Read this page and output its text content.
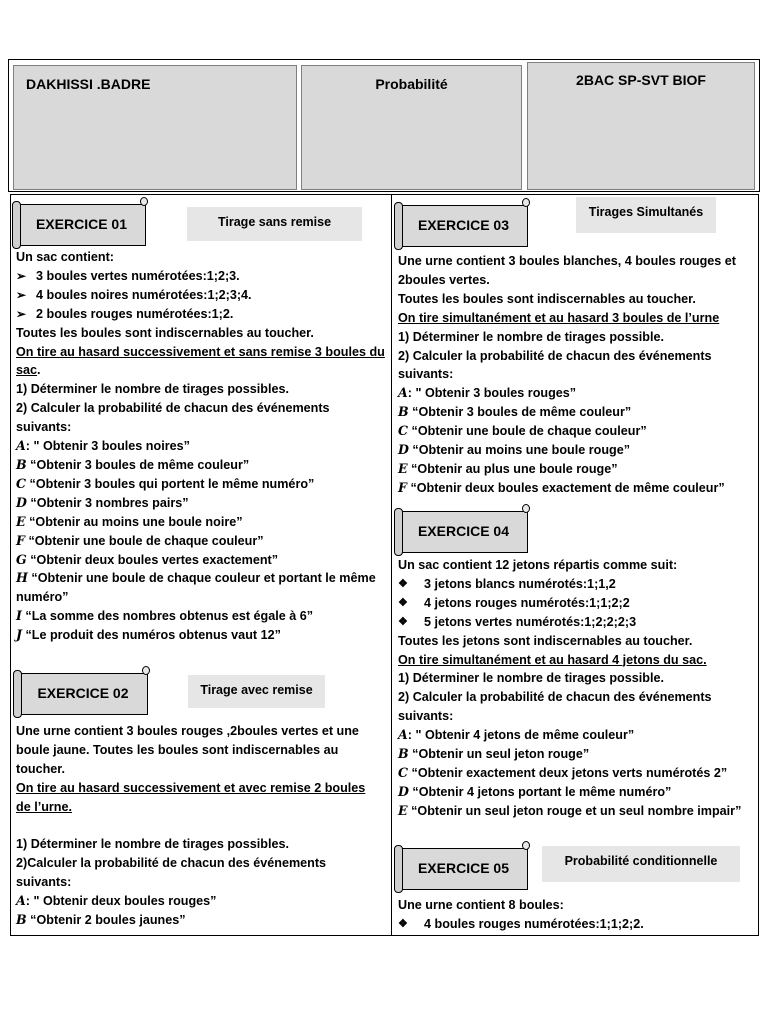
DAKHISSI .BADRE	Probabilité	2BAC SP-SVT BIOF
EXERCICE 01	Tirage sans remise
EXERCICE 02	Tirage avec remise
EXERCICE 03
Tirages Simultanés
EXERCICE 04
EXERCICE 05	Probabilité conditionnelle

Un sac contient:

➢ 3 boules vertes numérotées:1;2;3.

➢ 4 boules noires numérotées:1;2;3;4.

➢ 2 boules rouges numérotées:1;2.

Toutes les boules sont indiscernables au toucher.

On tire au hasard successivement et sans remise 3 boules du sac.

1) Déterminer le nombre de tirages possibles.

2) Calculer la probabilité de chacun des événements suivants:

A: " Obtenir 3 boules noires”

B “Obtenir 3 boules de même couleur”

C “Obtenir 3 boules qui portent le même numéro”

D “Obtenir 3 nombres pairs”

E “Obtenir au moins une boule noire”

F “Obtenir une boule de chaque couleur”

G “Obtenir deux boules vertes exactement”

H “Obtenir une boule de chaque couleur et portant le même numéro”

I “La somme des nombres obtenus est égale à 6”

J “Le produit des numéros obtenus vaut 12”

Une urne contient 3 boules rouges ,2boules vertes et une boule jaune. Toutes les boules sont indiscernables au toucher.

On tire au hasard successivement et avec remise 2 boules de l’urne.

1) Déterminer le nombre de tirages possibles.

2)Calculer la probabilité de chacun des événements suivants:

A: " Obtenir deux boules rouges”

B “Obtenir 2 boules jaunes”

Une urne contient 3 boules blanches, 4 boules rouges et 2boules vertes.

Toutes les boules sont indiscernables au toucher.

On tire simultanément et au hasard 3 boules de l’urne

1) Déterminer le nombre de tirages possible.

2) Calculer la probabilité de chacun des événements suivants:

A: " Obtenir 3 boules rouges”

B “Obtenir 3 boules de même couleur”

C “Obtenir une boule de chaque couleur”

D “Obtenir au moins une boule rouge”

E “Obtenir au plus une boule rouge”

F “Obtenir deux boules exactement de même couleur”

Un sac contient 12 jetons répartis comme suit:

❖ 3 jetons blancs numérotés:1;1,2

❖ 4 jetons rouges numérotés:1;1;2;2

❖ 5 jetons vertes numérotés:1;2;2;2;3

Toutes les jetons sont indiscernables au toucher.

On tire simultanément et au hasard 4 jetons du sac.

1) Déterminer le nombre de tirages possible.

2) Calculer la probabilité de chacun des événements suivants:

A: " Obtenir 4 jetons de même couleur”

B “Obtenir un seul jeton rouge”

C “Obtenir exactement deux jetons verts numérotés 2”

D “Obtenir 4 jetons portant le même numéro”

E “Obtenir un seul jeton rouge et un seul nombre impair”

Une urne contient 8 boules:

❖ 4 boules rouges numérotées:1;1;2;2.
